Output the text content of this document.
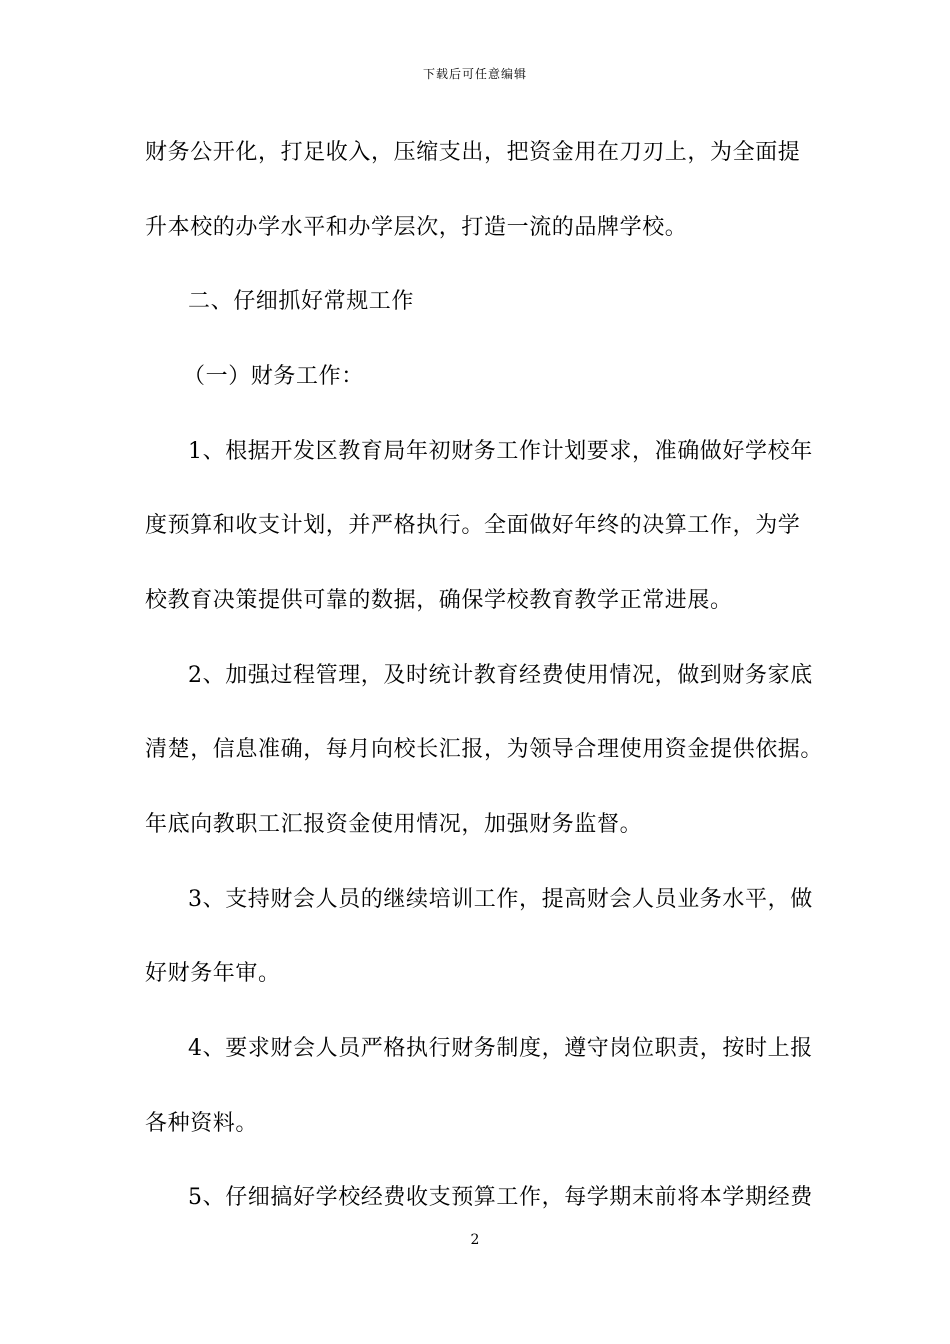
下载后可任意编辑
财务公开化，打足收入，压缩支出，把资金用在刀刃上，为全面提
升本校的办学水平和办学层次，打造一流的品牌学校。
二、仔细抓好常规工作
（一）财务工作：
1、根据开发区教育局年初财务工作计划要求，准确做好学校年
度预算和收支计划，并严格执行。全面做好年终的决算工作，为学
校教育决策提供可靠的数据，确保学校教育教学正常进展。
2、加强过程管理，及时统计教育经费使用情况，做到财务家底
清楚，信息准确，每月向校长汇报，为领导合理使用资金提供依据。
年底向教职工汇报资金使用情况，加强财务监督。
3、支持财会人员的继续培训工作，提高财会人员业务水平，做
好财务年审。
4、要求财会人员严格执行财务制度，遵守岗位职责，按时上报
各种资料。
5、仔细搞好学校经费收支预算工作，每学期末前将本学期经费
2
